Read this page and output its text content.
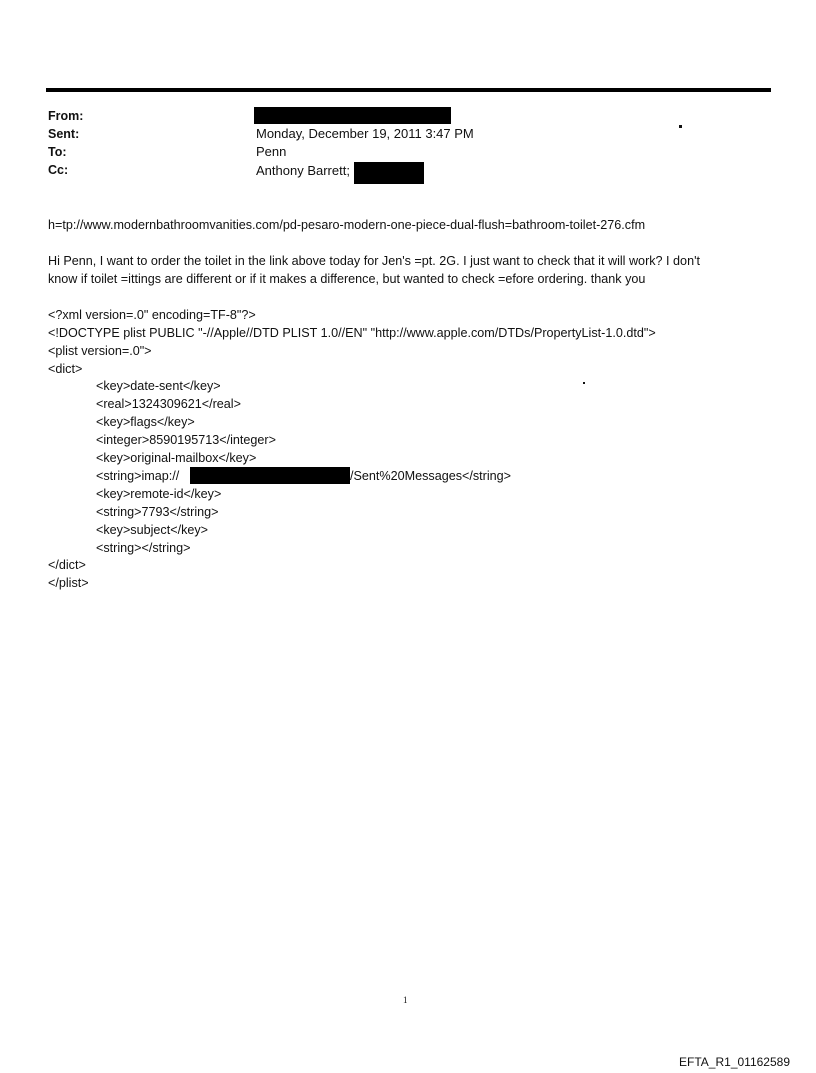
From:
Sent:
To:
Cc:
Monday, December 19, 2011 3:47 PM
Penn
Anthony Barrett;
h=tp://www.modernbathroomvanities.com/pd-pesaro-modern-one-piece-dual-flush=bathroom-toilet-276.cfm
Hi Penn, I want to order the toilet in the link above today for Jen's =pt. 2G. I just want to check that it will work? I don't
know if toilet =ittings are different or if it makes a difference, but wanted to check =efore ordering. thank you
<?xml version=.0" encoding=TF-8"?>
<!DOCTYPE plist PUBLIC "-//Apple//DTD PLIST 1.0//EN" "http://www.apple.com/DTDs/PropertyList-1.0.dtd">
<plist version=.0">
<dict>
<key>date-sent</key>
<real>1324309621</real>
<key>flags</key>
<integer>8590195713</integer>
<key>original-mailbox</key>
<string>imap://	/Sent%20Messages</string>
<key>remote-id</key>
<string>7793</string>
<key>subject</key>
<string></string>
</dict>
</plist>
1
EFTA_R1_01162589
